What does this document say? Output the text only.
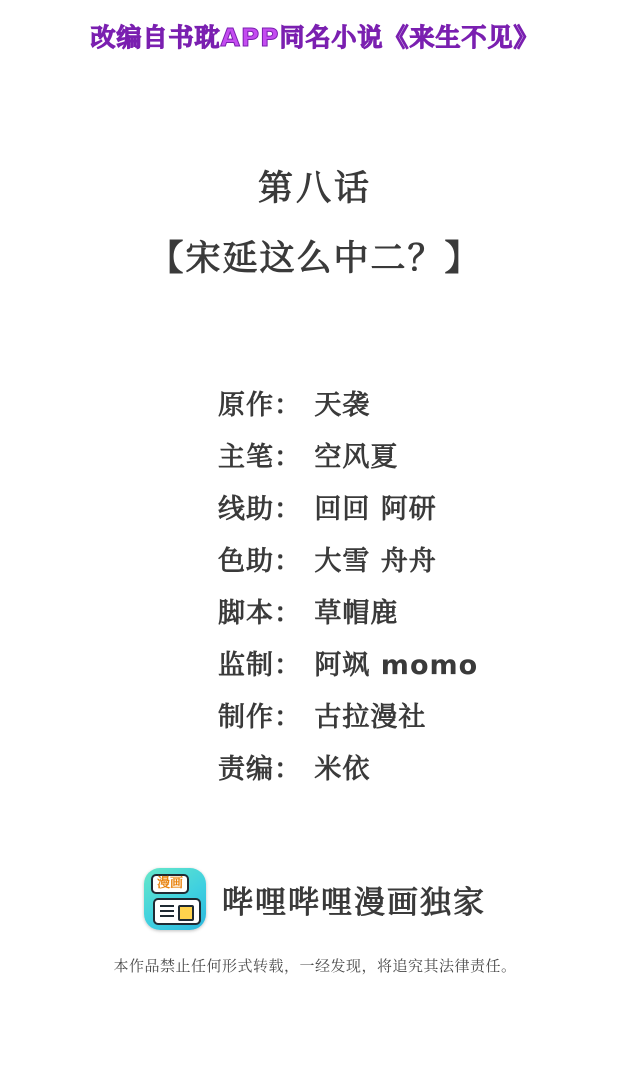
改编自书耽APP同名小说《来生不见》
第八话
【宋延这么中二？】
原作： 天袭
主笔： 空风夏
线助： 回回 阿研
色助： 大雪 舟舟
脚本： 草帽鹿
监制： 阿飒 momo
制作： 古拉漫社
责编： 米依
漫画
哔哩哔哩漫画独家
本作品禁止任何形式转载，一经发现，将追究其法律责任。
